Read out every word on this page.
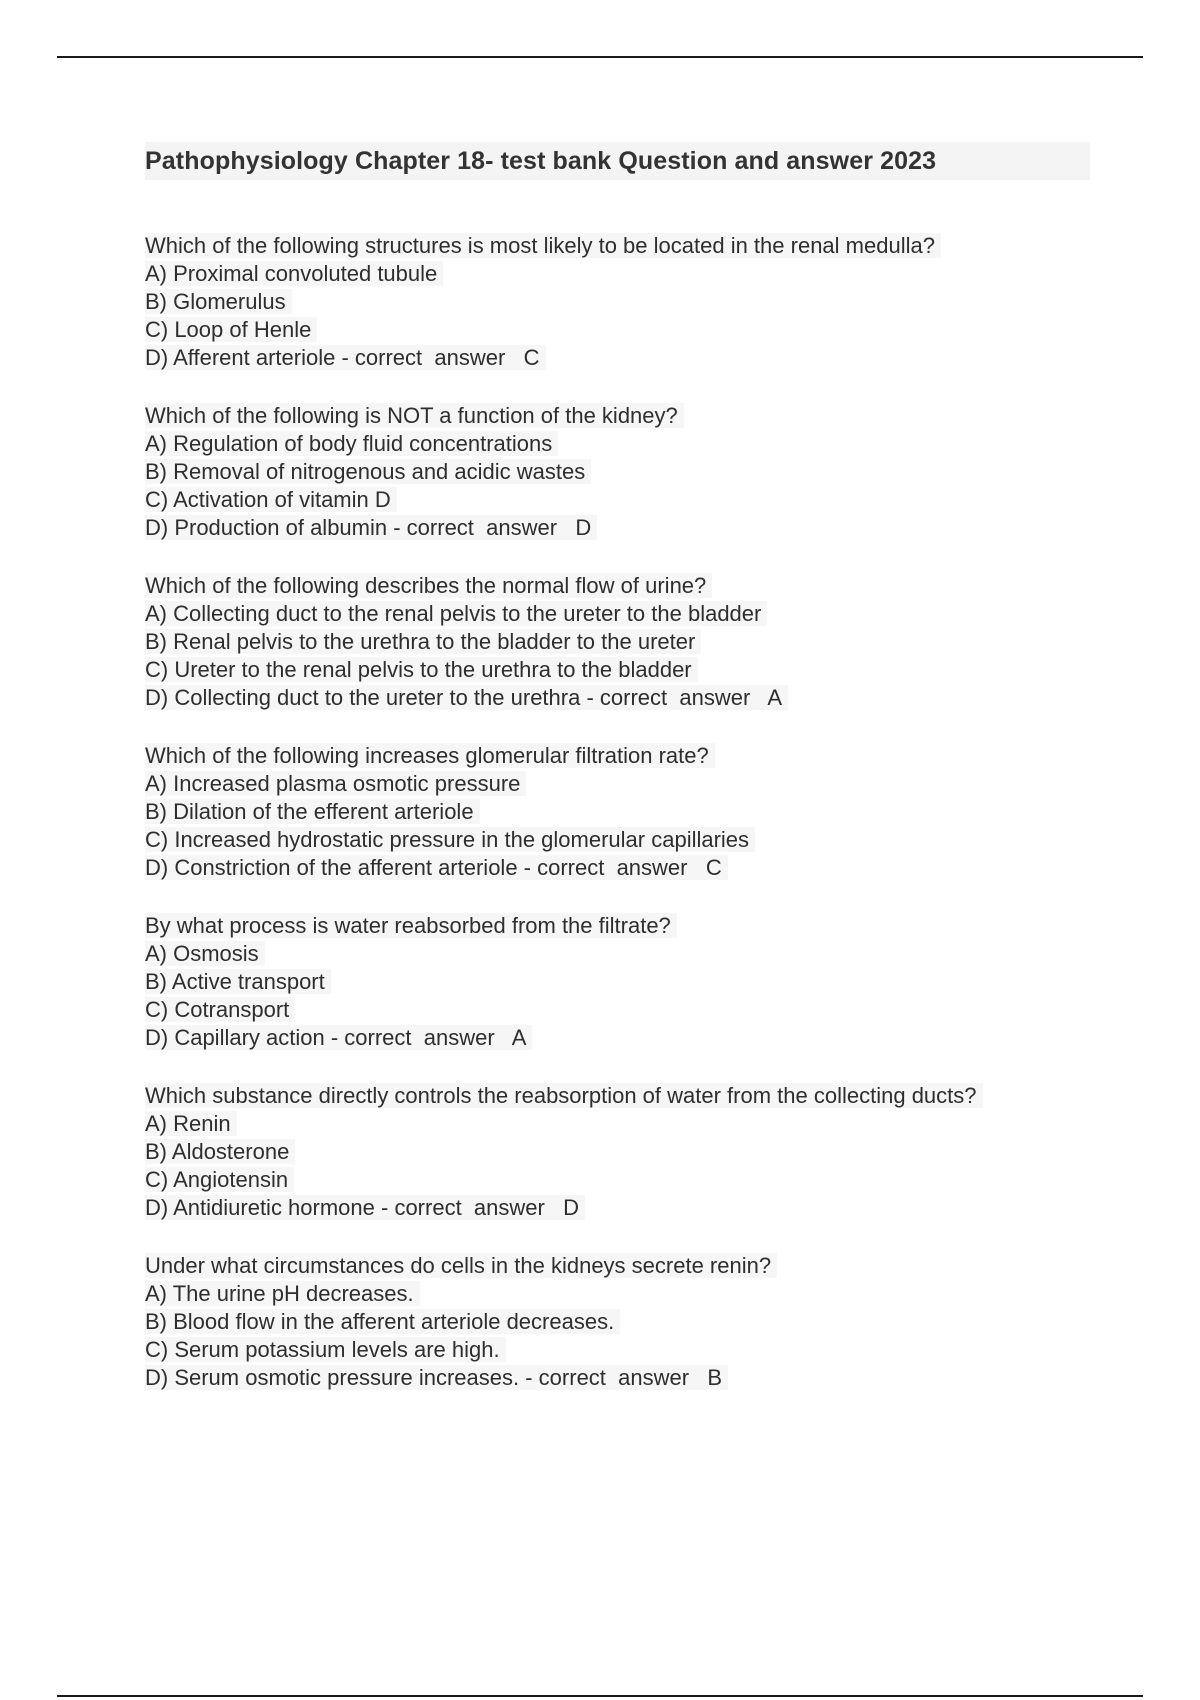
Pathophysiology Chapter 18- test bank Question and answer 2023
Which of the following structures is most likely to be located in the renal medulla?
A) Proximal convoluted tubule
B) Glomerulus
C) Loop of Henle
D) Afferent arteriole - correct  answer   C
Which of the following is NOT a function of the kidney?
A) Regulation of body fluid concentrations
B) Removal of nitrogenous and acidic wastes
C) Activation of vitamin D
D) Production of albumin - correct  answer   D
Which of the following describes the normal flow of urine?
A) Collecting duct to the renal pelvis to the ureter to the bladder
B) Renal pelvis to the urethra to the bladder to the ureter
C) Ureter to the renal pelvis to the urethra to the bladder
D) Collecting duct to the ureter to the urethra - correct  answer   A
Which of the following increases glomerular filtration rate?
A) Increased plasma osmotic pressure
B) Dilation of the efferent arteriole
C) Increased hydrostatic pressure in the glomerular capillaries
D) Constriction of the afferent arteriole - correct  answer   C
By what process is water reabsorbed from the filtrate?
A) Osmosis
B) Active transport
C) Cotransport
D) Capillary action - correct  answer   A
Which substance directly controls the reabsorption of water from the collecting ducts?
A) Renin
B) Aldosterone
C) Angiotensin
D) Antidiuretic hormone - correct  answer   D
Under what circumstances do cells in the kidneys secrete renin?
A) The urine pH decreases.
B) Blood flow in the afferent arteriole decreases.
C) Serum potassium levels are high.
D) Serum osmotic pressure increases. - correct  answer   B
